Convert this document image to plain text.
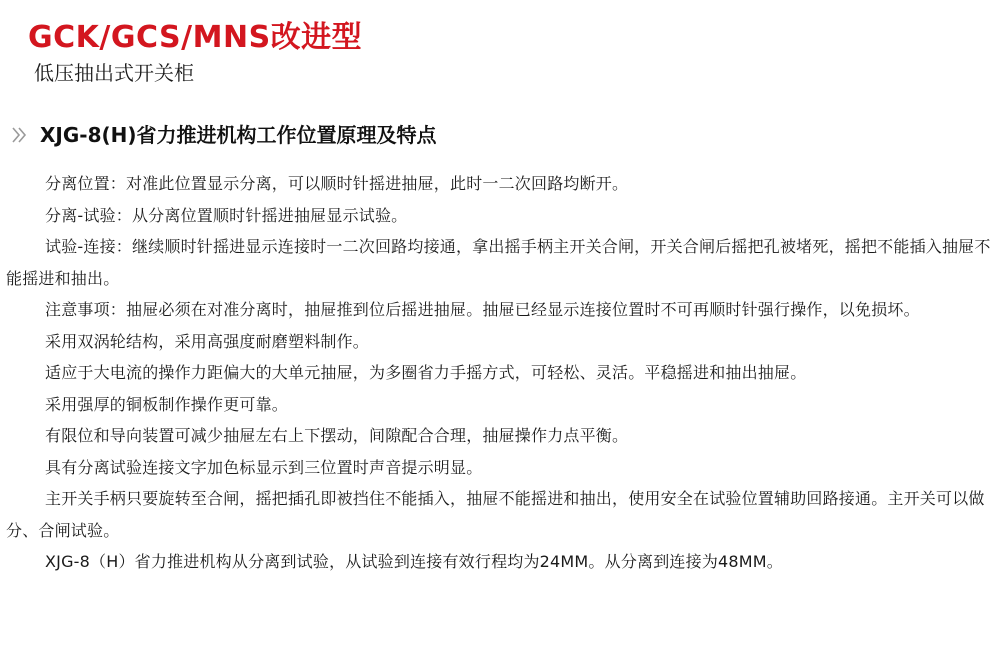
GCK/GCS/MNS改进型
低压抽出式开关柜
XJG-8(H)省力推进机构工作位置原理及特点

分离位置：对准此位置显示分离，可以顺时针摇进抽屉，此时一二次回路均断开。

分离-试验：从分离位置顺时针摇进抽屉显示试验。

试验-连接：继续顺时针摇进显示连接时一二次回路均接通，拿出摇手柄主开关合闸，开关合闸后摇把孔被堵死，摇把不能插入抽屉不能摇进和抽出。

注意事项：抽屉必须在对准分离时，抽屉推到位后摇进抽屉。抽屉已经显示连接位置时不可再顺时针强行操作，以免损坏。

采用双涡轮结构，采用高强度耐磨塑料制作。

适应于大电流的操作力距偏大的大单元抽屉，为多圈省力手摇方式，可轻松、灵活。平稳摇进和抽出抽屉。

采用强厚的铜板制作操作更可靠。

有限位和导向装置可减少抽屉左右上下摆动，间隙配合合理，抽屉操作力点平衡。

具有分离试验连接文字加色标显示到三位置时声音提示明显。

主开关手柄只要旋转至合闸，摇把插孔即被挡住不能插入，抽屉不能摇进和抽出，使用安全在试验位置辅助回路接通。主开关可以做分、合闸试验。

XJG-8（H）省力推进机构从分离到试验，从试验到连接有效行程均为24MM。从分离到连接为48MM。
